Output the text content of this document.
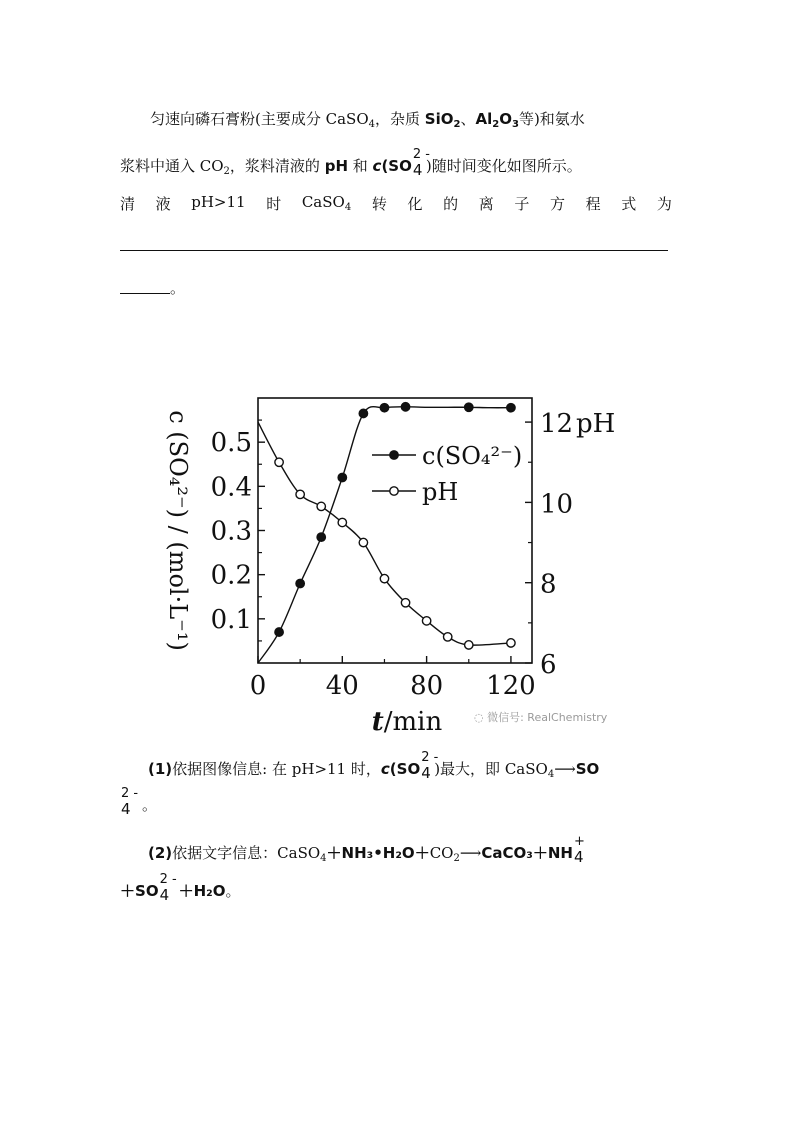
匀速向磷石膏粉(主要成分 CaSO$_4$，杂质 SiO$_2$、$Al_2O_3$等)和氨水
浆料中通入 $CO_2$，浆料清液的 pH 和 c(SO
2 -
4 )随时间变化如图所示。
清 液 pH>11 时 CaSO$_4$ 转 化 的 离 子 方 程 式 为
。
0 40 80 120
0.1
0.2
0.3
0.4
0.5
6
8
10
12 pH
c (SO₄²⁻) / (mol·L⁻¹)
t/min
c(SO₄²⁻)
pH
◌ 微信号: RealChemistry
(1)依据图像信息: 在 pH>11 时，c(SO
2 -
4 )最大，即 CaSO$_4$⟶SO
2 -
4 。
(2)依据文字信息：$CaSO_4+NH_3•H_2O+CO_2⟶CaCO_3+NH$
+
4
＋SO
2 -
4 ＋H₂O。
